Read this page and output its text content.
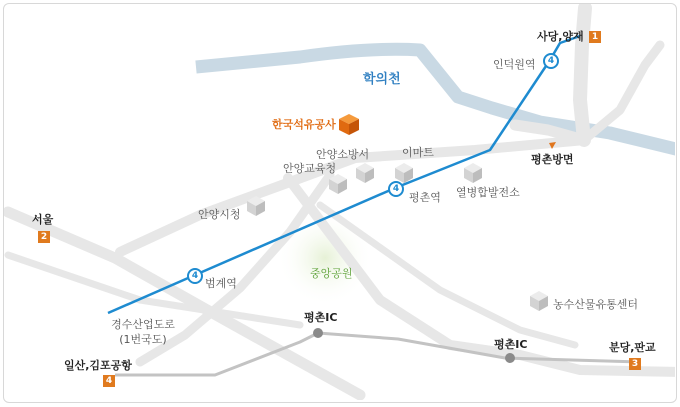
학의천
한국석유공사
중앙공원
4
인덕원역
4
평촌역
4
범계역
안양소방서	이마트
안양교육청
열병합발전소
안양시청
농수산물유통센터
평촌방면
경수산업도로
(1번국도)
평촌IC
평촌IC
사당,양재 1
서울
2
분당,판교
3
일산,김포공항
4
